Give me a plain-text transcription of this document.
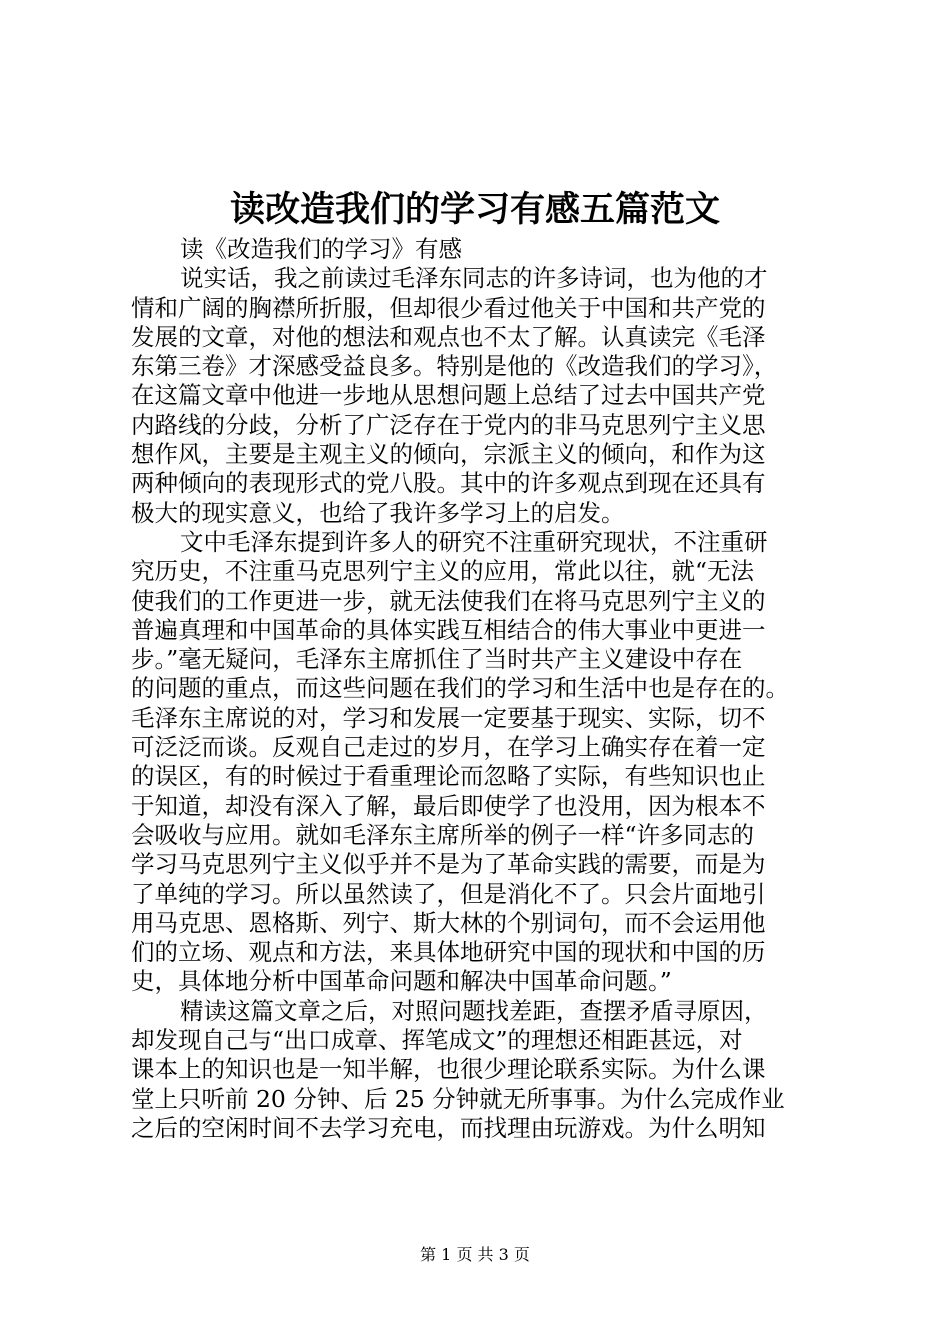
读改造我们的学习有感五篇范文
读《改造我们的学习》有感
说实话，我之前读过毛泽东同志的许多诗词，也为他的才
情和广阔的胸襟所折服，但却很少看过他关于中国和共产党的
发展的文章，对他的想法和观点也不太了解。认真读完《毛泽
东第三卷》才深感受益良多。特别是他的《改造我们的学习》，
在这篇文章中他进一步地从思想问题上总结了过去中国共产党
内路线的分歧，分析了广泛存在于党内的非马克思列宁主义思
想作风，主要是主观主义的倾向，宗派主义的倾向，和作为这
两种倾向的表现形式的党八股。其中的许多观点到现在还具有
极大的现实意义，也给了我许多学习上的启发。
文中毛泽东提到许多人的研究不注重研究现状，不注重研
究历史，不注重马克思列宁主义的应用，常此以往，就“无法
使我们的工作更进一步，就无法使我们在将马克思列宁主义的
普遍真理和中国革命的具体实践互相结合的伟大事业中更进一
步。”毫无疑问，毛泽东主席抓住了当时共产主义建设中存在
的问题的重点，而这些问题在我们的学习和生活中也是存在的。
毛泽东主席说的对，学习和发展一定要基于现实、实际，切不
可泛泛而谈。反观自己走过的岁月，在学习上确实存在着一定
的误区，有的时候过于看重理论而忽略了实际，有些知识也止
于知道，却没有深入了解，最后即使学了也没用，因为根本不
会吸收与应用。就如毛泽东主席所举的例子一样“许多同志的
学习马克思列宁主义似乎并不是为了革命实践的需要，而是为
了单纯的学习。所以虽然读了，但是消化不了。只会片面地引
用马克思、恩格斯、列宁、斯大林的个别词句，而不会运用他
们的立场、观点和方法，来具体地研究中国的现状和中国的历
史，具体地分析中国革命问题和解决中国革命问题。”
精读这篇文章之后，对照问题找差距，查摆矛盾寻原因，
却发现自己与“出口成章、挥笔成文”的理想还相距甚远，对
课本上的知识也是一知半解，也很少理论联系实际。为什么课
堂上只听前 20 分钟、后 25 分钟就无所事事。为什么完成作业
之后的空闲时间不去学习充电，而找理由玩游戏。为什么明知
第 1 页 共 3 页
